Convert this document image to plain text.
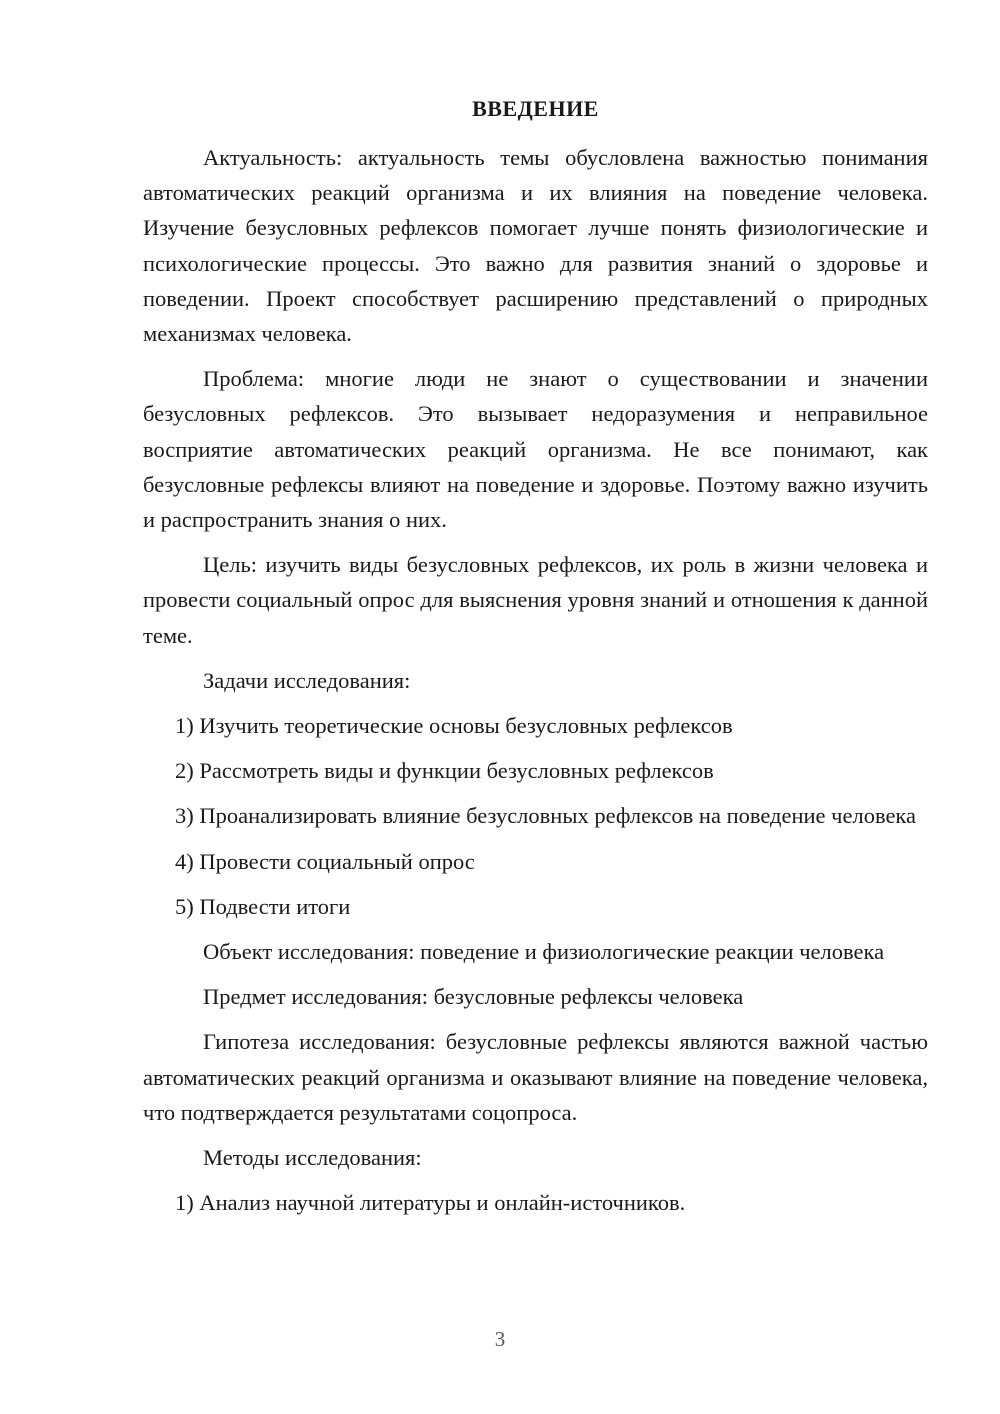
ВВЕДЕНИЕ

Актуальность: актуальность темы обусловлена важностью понимания автоматических реакций организма и их влияния на поведение человека. Изучение безусловных рефлексов помогает лучше понять физиологические и психологические процессы. Это важно для развития знаний о здоровье и поведении. Проект способствует расширению представлений о природных механизмах человека.

Проблема: многие люди не знают о существовании и значении безусловных рефлексов. Это вызывает недоразумения и неправильное восприятие автоматических реакций организма. Не все понимают, как безусловные рефлексы влияют на поведение и здоровье. Поэтому важно изучить и распространить знания о них.

Цель: изучить виды безусловных рефлексов, их роль в жизни человека и провести социальный опрос для выяснения уровня знаний и отношения к данной теме.

Задачи исследования:

1) Изучить теоретические основы безусловных рефлексов

2) Рассмотреть виды и функции безусловных рефлексов

3) Проанализировать влияние безусловных рефлексов на поведение человека

4) Провести социальный опрос

5) Подвести итоги

Объект исследования: поведение и физиологические реакции человека

Предмет исследования: безусловные рефлексы человека

Гипотеза исследования: безусловные рефлексы являются важной частью автоматических реакций организма и оказывают влияние на поведение человека, что подтверждается результатами соцопроса.

Методы исследования:

1) Анализ научной литературы и онлайн-источников.

3
